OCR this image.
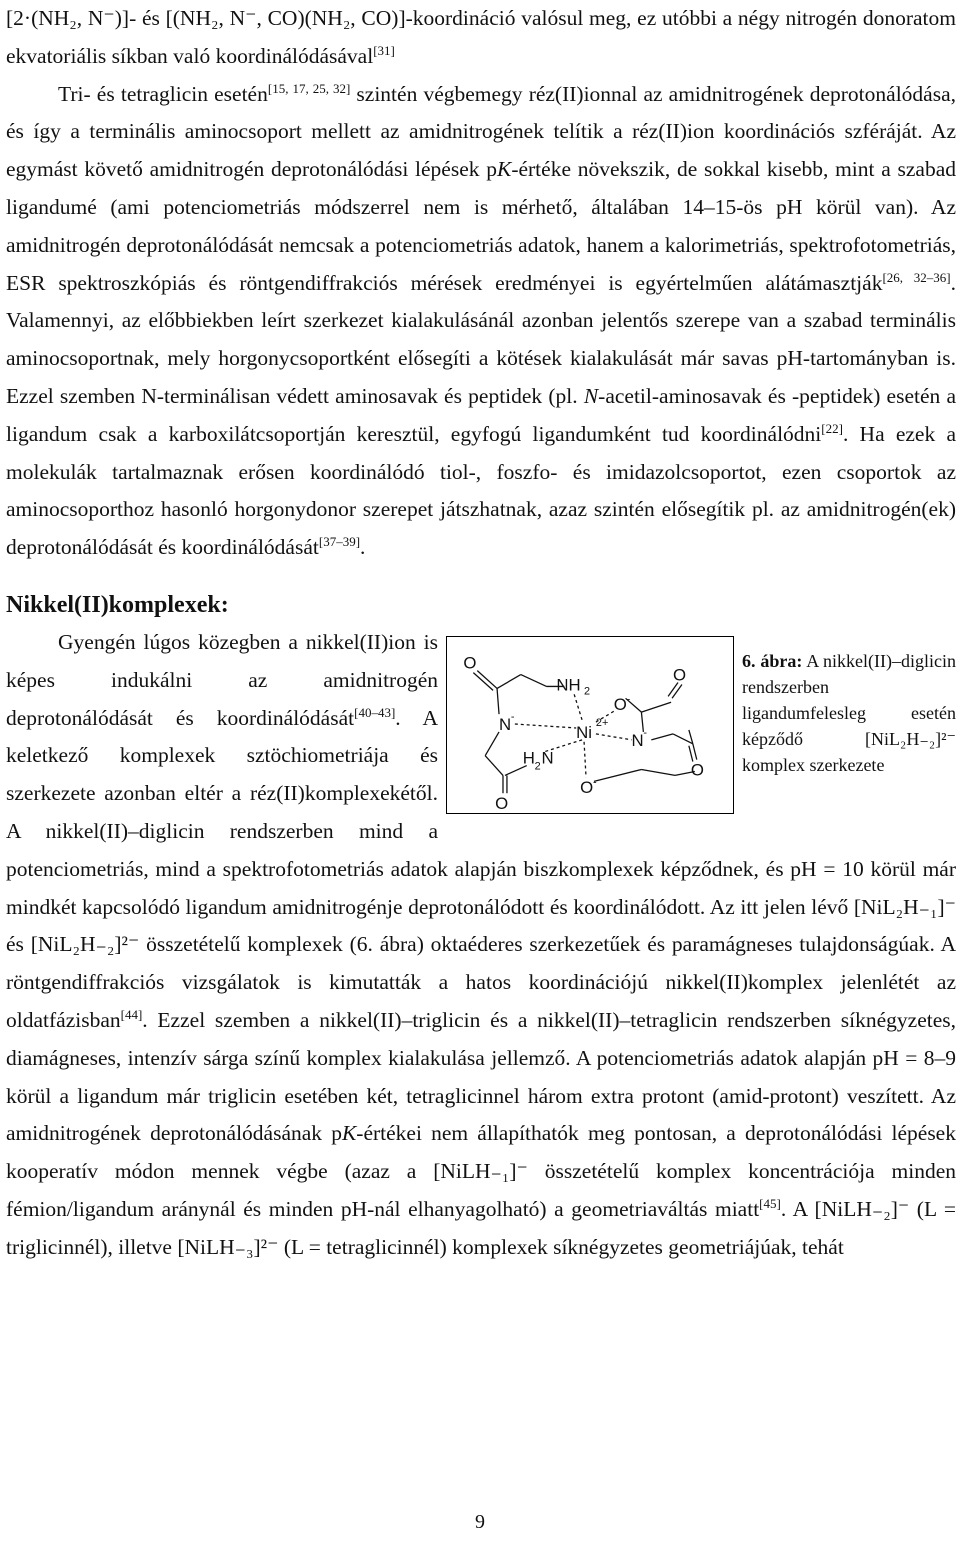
[2·(NH₂, N⁻)]- és [(NH₂, N⁻, CO)(NH₂, CO)]-koordináció valósul meg, ez utóbbi a négy nitrogén donoratom ekvatoriális síkban való koordinálódásával[31]

Tri- és tetraglicin esetén[15, 17, 25, 32] szintén végbemegy réz(II)ionnal az amidnitrogének deprotonálódása, és így a terminális aminocsoport mellett az amidnitrogének telítik a réz(II)ion koordinációs szféráját. Az egymást követő amidnitrogén deprotonálódási lépések pK-értéke növekszik, de sokkal kisebb, mint a szabad ligandumé (ami potenciometriás módszerrel nem is mérhető, általában 14–15-ös pH körül van). Az amidnitrogén deprotonálódását nemcsak a potenciometriás adatok, hanem a kalorimetriás, spektrofotometriás, ESR spektroszkópiás és röntgendiffrakciós mérések eredményei is egyértelműen alátámasztják[26, 32–36]. Valamennyi, az előbbiekben leírt szerkezet kialakulásánál azonban jelentős szerepe van a szabad terminális aminocsoportnak, mely horgonycsoportként elősegíti a kötések kialakulását már savas pH-tartományban is. Ezzel szemben N-terminálisan védett aminosavak és peptidek (pl. N-acetil-aminosavak és -peptidek) esetén a ligandum csak a karboxilátcsoportján keresztül, egyfogú ligandumként tud koordinálódni[22]. Ha ezek a molekulák tartalmaznak erősen koordinálódó tiol-, foszfo- és imidazolcsoportot, ezen csoportok az aminocsoporthoz hasonló horgonydonor szerepet játszhatnak, azaz szintén elősegítik pl. az amidnitrogén(ek) deprotonálódását és koordinálódását[37–39].

Nikkel(II)komplexek:
O
NH 2
N -
Ni 2+
O -
O
N -
H 2 N
O -
O
O
6. ábra: A nikkel(II)–diglicin rendszerben ligandumfelesleg esetén képződő [NiL₂H₋₂]²⁻ komplex szerkezete

Gyengén lúgos közegben a nikkel(II)ion is képes indukálni az amidnitrogén deprotonálódását és koordinálódását[40–43]. A keletkező komplexek sztöchiometriája és szerkezete azonban eltér a réz(II)komplexekétől. A nikkel(II)–diglicin rendszerben mind a potenciometriás, mind a spektrofotometriás adatok alapján biszkomplexek képződnek, és pH = 10 körül már mindkét kapcsolódó ligandum amidnitrogénje deprotonálódott és koordinálódott. Az itt jelen lévő [NiL₂H₋₁]⁻ és [NiL₂H₋₂]²⁻ összetételű komplexek (6. ábra) oktaéderes szerkezetűek és paramágneses tulajdonságúak. A röntgendiffrakciós vizsgálatok is kimutatták a hatos koordinációjú nikkel(II)komplex jelenlétét az oldatfázisban[44]. Ezzel szemben a nikkel(II)–triglicin és a nikkel(II)–tetraglicin rendszerben síknégyzetes, diamágneses, intenzív sárga színű komplex kialakulása jellemző. A potenciometriás adatok alapján pH = 8–9 körül a ligandum már triglicin esetében két, tetraglicinnel három extra protont (amid-protont) veszített. Az amidnitrogének deprotonálódásának pK-értékei nem állapíthatók meg pontosan, a deprotonálódási lépések kooperatív módon mennek végbe (azaz a [NiLH₋₁]⁻ összetételű komplex koncentrációja minden fémion/ligandum aránynál és minden pH-nál elhanyagolható) a geometriaváltás miatt[45]. A [NiLH₋₂]⁻ (L = triglicinnél), illetve [NiLH₋₃]²⁻ (L = tetraglicinnél) komplexek síknégyzetes geometriájúak, tehát

9
